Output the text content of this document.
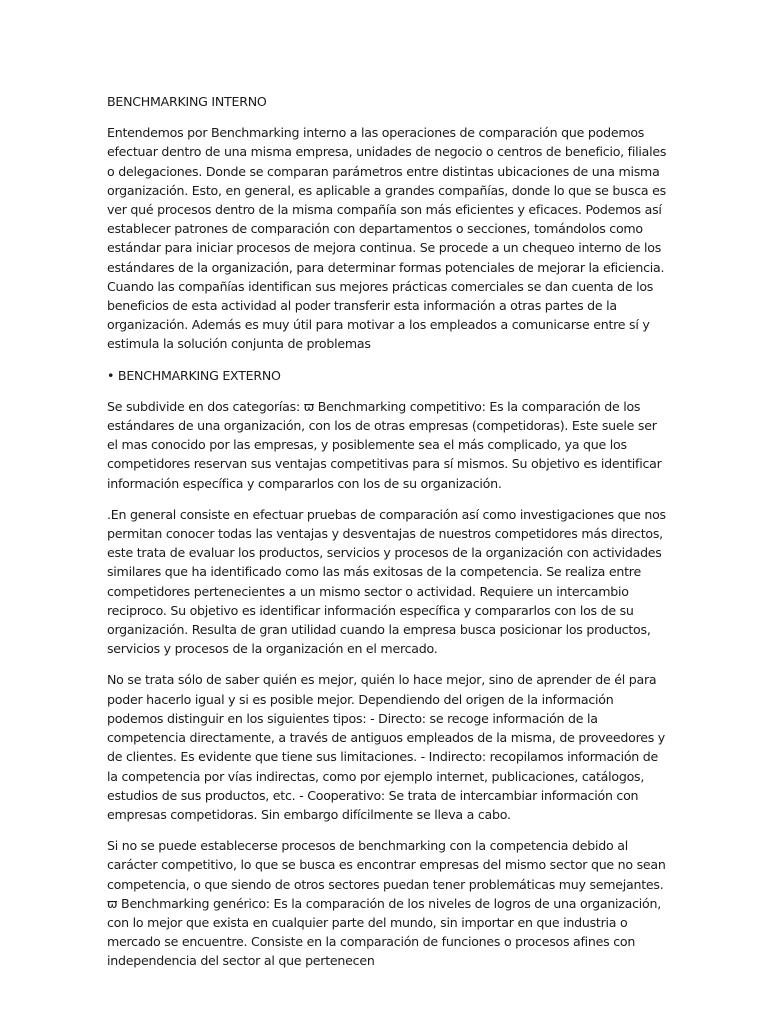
BENCHMARKING INTERNO

Entendemos por Benchmarking interno a las operaciones de comparación que podemos efectuar dentro de una misma empresa, unidades de negocio o centros de beneficio, filiales o delegaciones. Donde se comparan parámetros entre distintas ubicaciones de una misma organización. Esto, en general, es aplicable a grandes compañías, donde lo que se busca es ver qué procesos dentro de la misma compañía son más eficientes y eficaces. Podemos así establecer patrones de comparación con departamentos o secciones, tomándolos como estándar para iniciar procesos de mejora continua. Se procede a un chequeo interno de los estándares de la organización, para determinar formas potenciales de mejorar la eficiencia. Cuando las compañías identifican sus mejores prácticas comerciales se dan cuenta de los beneficios de esta actividad al poder transferir esta información a otras partes de la organización. Además es muy útil para motivar a los empleados a comunicarse entre sí y estimula la solución conjunta de problemas

• BENCHMARKING EXTERNO

Se subdivide en dos categorías: ϖ Benchmarking competitivo: Es la comparación de los estándares de una organización, con los de otras empresas (competidoras). Este suele ser el mas conocido por las empresas, y posiblemente sea el más complicado, ya que los competidores reservan sus ventajas competitivas para sí mismos. Su objetivo es identificar información específica y compararlos con los de su organización.

.En general consiste en efectuar pruebas de comparación así como investigaciones que nos permitan conocer todas las ventajas y desventajas de nuestros competidores más directos, este trata de evaluar los productos, servicios y procesos de la organización con actividades similares que ha identificado como las más exitosas de la competencia. Se realiza entre competidores pertenecientes a un mismo sector o actividad. Requiere un intercambio reciproco. Su objetivo es identificar información específica y compararlos con los de su organización. Resulta de gran utilidad cuando la empresa busca posicionar los productos, servicios y procesos de la organización en el mercado.

No se trata sólo de saber quién es mejor, quién lo hace mejor, sino de aprender de él para poder hacerlo igual y si es posible mejor. Dependiendo del origen de la información podemos distinguir en los siguientes tipos: - Directo: se recoge información de la competencia directamente, a través de antiguos empleados de la misma, de proveedores y de clientes. Es evidente que tiene sus limitaciones. - Indirecto: recopilamos información de la competencia por vías indirectas, como por ejemplo internet, publicaciones, catálogos, estudios de sus productos, etc. - Cooperativo: Se trata de intercambiar información con empresas competidoras. Sin embargo difícilmente se lleva a cabo.

Si no se puede establecerse procesos de benchmarking con la competencia debido al carácter competitivo, lo que se busca es encontrar empresas del mismo sector que no sean competencia, o que siendo de otros sectores puedan tener problemáticas muy semejantes. ϖ Benchmarking genérico: Es la comparación de los niveles de logros de una organización, con lo mejor que exista en cualquier parte del mundo, sin importar en que industria o mercado se encuentre. Consiste en la comparación de funciones o procesos afines con independencia del sector al que pertenecen
